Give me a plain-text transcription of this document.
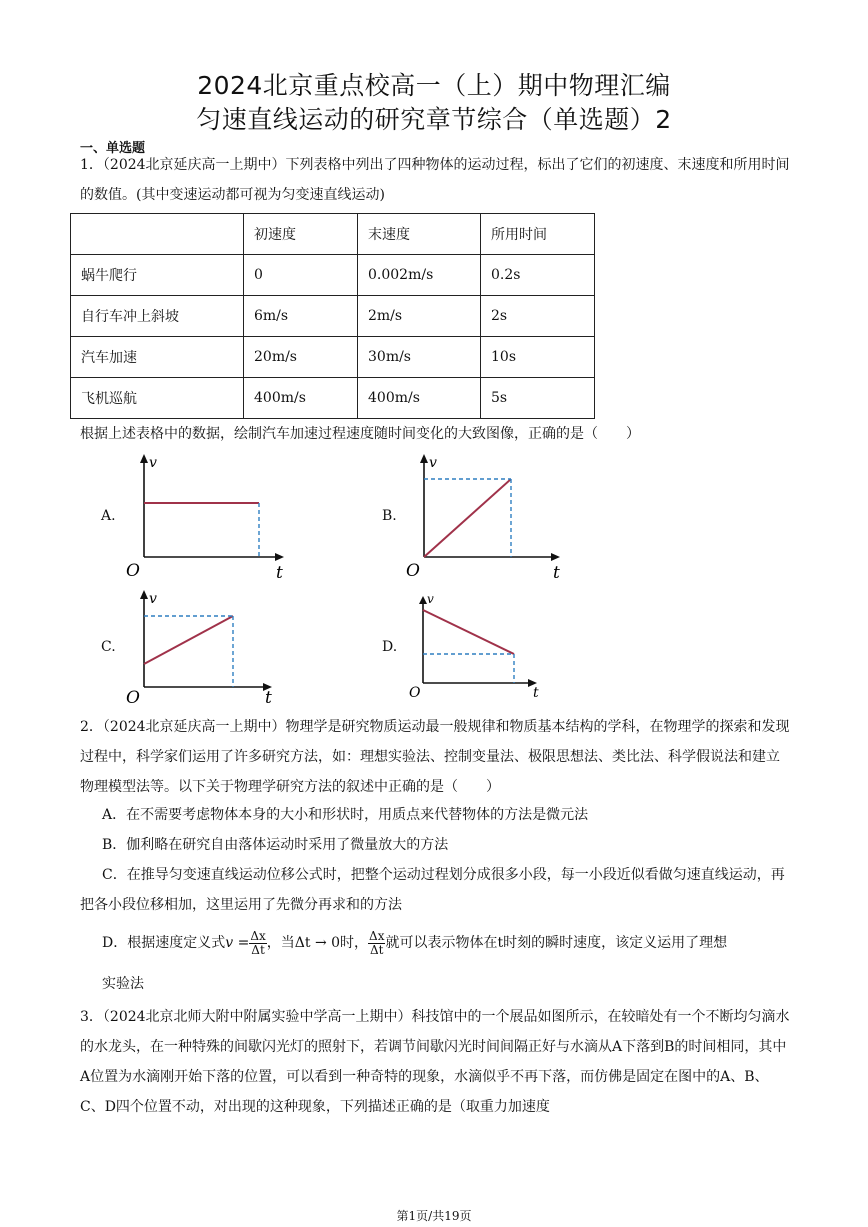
2024北京重点校高一（上）期中物理汇编
匀速直线运动的研究章节综合（单选题）2
一、单选题
1．（2024北京延庆高一上期中）下列表格中列出了四种物体的运动过程，标出了它们的初速度、末速度和所用时间的数值。(其中变速运动都可视为匀变速直线运动)
	初速度	末速度	所用时间
蜗牛爬行	0	0.002m/s	0.2s
自行车冲上斜坡	6m/s	2m/s	2s
汽车加速	20m/s	30m/s	10s
飞机巡航	400m/s	400m/s	5s
根据上述表格中的数据，绘制汽车加速过程速度随时间变化的大致图像，正确的是（　　）
A.
v
O	t
B.
v
O	t
C.
v
O	t
D.
v
O	t
2．（2024北京延庆高一上期中）物理学是研究物质运动最一般规律和物质基本结构的学科，在物理学的探索和发现过程中，科学家们运用了许多研究方法，如：理想实验法、控制变量法、极限思想法、类比法、科学假说法和建立物理模型法等。以下关于物理学研究方法的叙述中正确的是（　　）
A．在不需要考虑物体本身的大小和形状时，用质点来代替物体的方法是微元法
B．伽利略在研究自由落体运动时采用了微量放大的方法
C．在推导匀变速直线运动位移公式时，把整个运动过程划分成很多小段，每一小段近似看做匀速直线运动，再把各小段位移相加，这里运用了先微分再求和的方法
D．根据速度定义式$v = \frac{\Delta x}{\Delta t}$ ，当Δt → 0时， $\frac{\Delta x}{\Delta t}$ 就可以表示物体在t时刻的瞬时速度，该定义运用了理想
实验法
3．（2024北京北师大附中附属实验中学高一上期中）科技馆中的一个展品如图所示，在较暗处有一个不断均匀滴水的水龙头，在一种特殊的间歇闪光灯的照射下，若调节间歇闪光时间间隔正好与水滴从A下落到B的时间相同，其中A位置为水滴刚开始下落的位置，可以看到一种奇特的现象，水滴似乎不再下落，而仿佛是固定在图中的A、B、C、D四个位置不动，对出现的这种现象，下列描述正确的是（取重力加速度
第1页/共19页
